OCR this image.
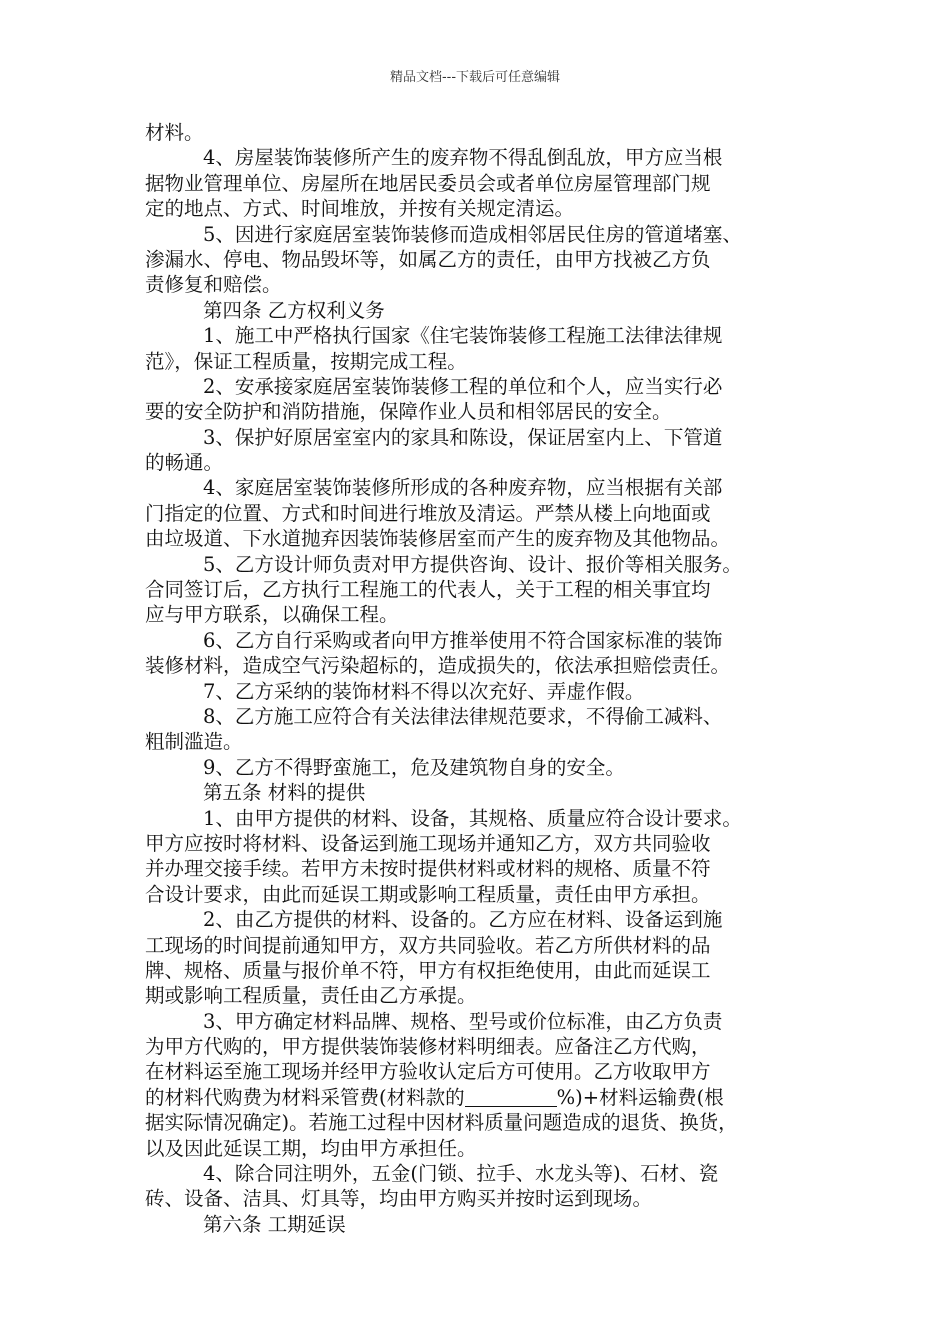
精品文档---下载后可任意编辑
材料。
4、房屋装饰装修所产生的废弃物不得乱倒乱放，甲方应当根
据物业管理单位、房屋所在地居民委员会或者单位房屋管理部门规
定的地点、方式、时间堆放，并按有关规定清运。
5、因进行家庭居室装饰装修而造成相邻居民住房的管道堵塞、
渗漏水、停电、物品毁坏等，如属乙方的责任，由甲方找被乙方负
责修复和赔偿。
第四条 乙方权利义务
1、施工中严格执行国家《住宅装饰装修工程施工法律法律规
范》，保证工程质量，按期完成工程。
2、安承接家庭居室装饰装修工程的单位和个人，应当实行必
要的安全防护和消防措施，保障作业人员和相邻居民的安全。
3、保护好原居室室内的家具和陈设，保证居室内上、下管道
的畅通。
4、家庭居室装饰装修所形成的各种废弃物，应当根据有关部
门指定的位置、方式和时间进行堆放及清运。严禁从楼上向地面或
由垃圾道、下水道抛弃因装饰装修居室而产生的废弃物及其他物品。
5、乙方设计师负责对甲方提供咨询、设计、报价等相关服务。
合同签订后，乙方执行工程施工的代表人，关于工程的相关事宜均
应与甲方联系，以确保工程。
6、乙方自行采购或者向甲方推举使用不符合国家标准的装饰
装修材料，造成空气污染超标的，造成损失的，依法承担赔偿责任。
7、乙方采纳的装饰材料不得以次充好、弄虚作假。
8、乙方施工应符合有关法律法律规范要求，不得偷工减料、
粗制滥造。
9、乙方不得野蛮施工，危及建筑物自身的安全。
第五条 材料的提供
1、由甲方提供的材料、设备，其规格、质量应符合设计要求。
甲方应按时将材料、设备运到施工现场并通知乙方，双方共同验收
并办理交接手续。若甲方未按时提供材料或材料的规格、质量不符
合设计要求，由此而延误工期或影响工程质量，责任由甲方承担。
2、由乙方提供的材料、设备的。乙方应在材料、设备运到施
工现场的时间提前通知甲方，双方共同验收。若乙方所供材料的品
牌、规格、质量与报价单不符，甲方有权拒绝使用，由此而延误工
期或影响工程质量，责任由乙方承提。
3、甲方确定材料品牌、规格、型号或价位标准，由乙方负责
为甲方代购的，甲方提供装饰装修材料明细表。应备注乙方代购，
在材料运至施工现场并经甲方验收认定后方可使用。乙方收取甲方
的材料代购费为材料采管费(材料款的	%)+材料运输费(根
据实际情况确定)。若施工过程中因材料质量问题造成的退货、换货，
以及因此延误工期，均由甲方承担任。
4、除合同注明外，五金(门锁、拉手、水龙头等)、石材、瓷
砖、设备、洁具、灯具等，均由甲方购买并按时运到现场。
第六条 工期延误
